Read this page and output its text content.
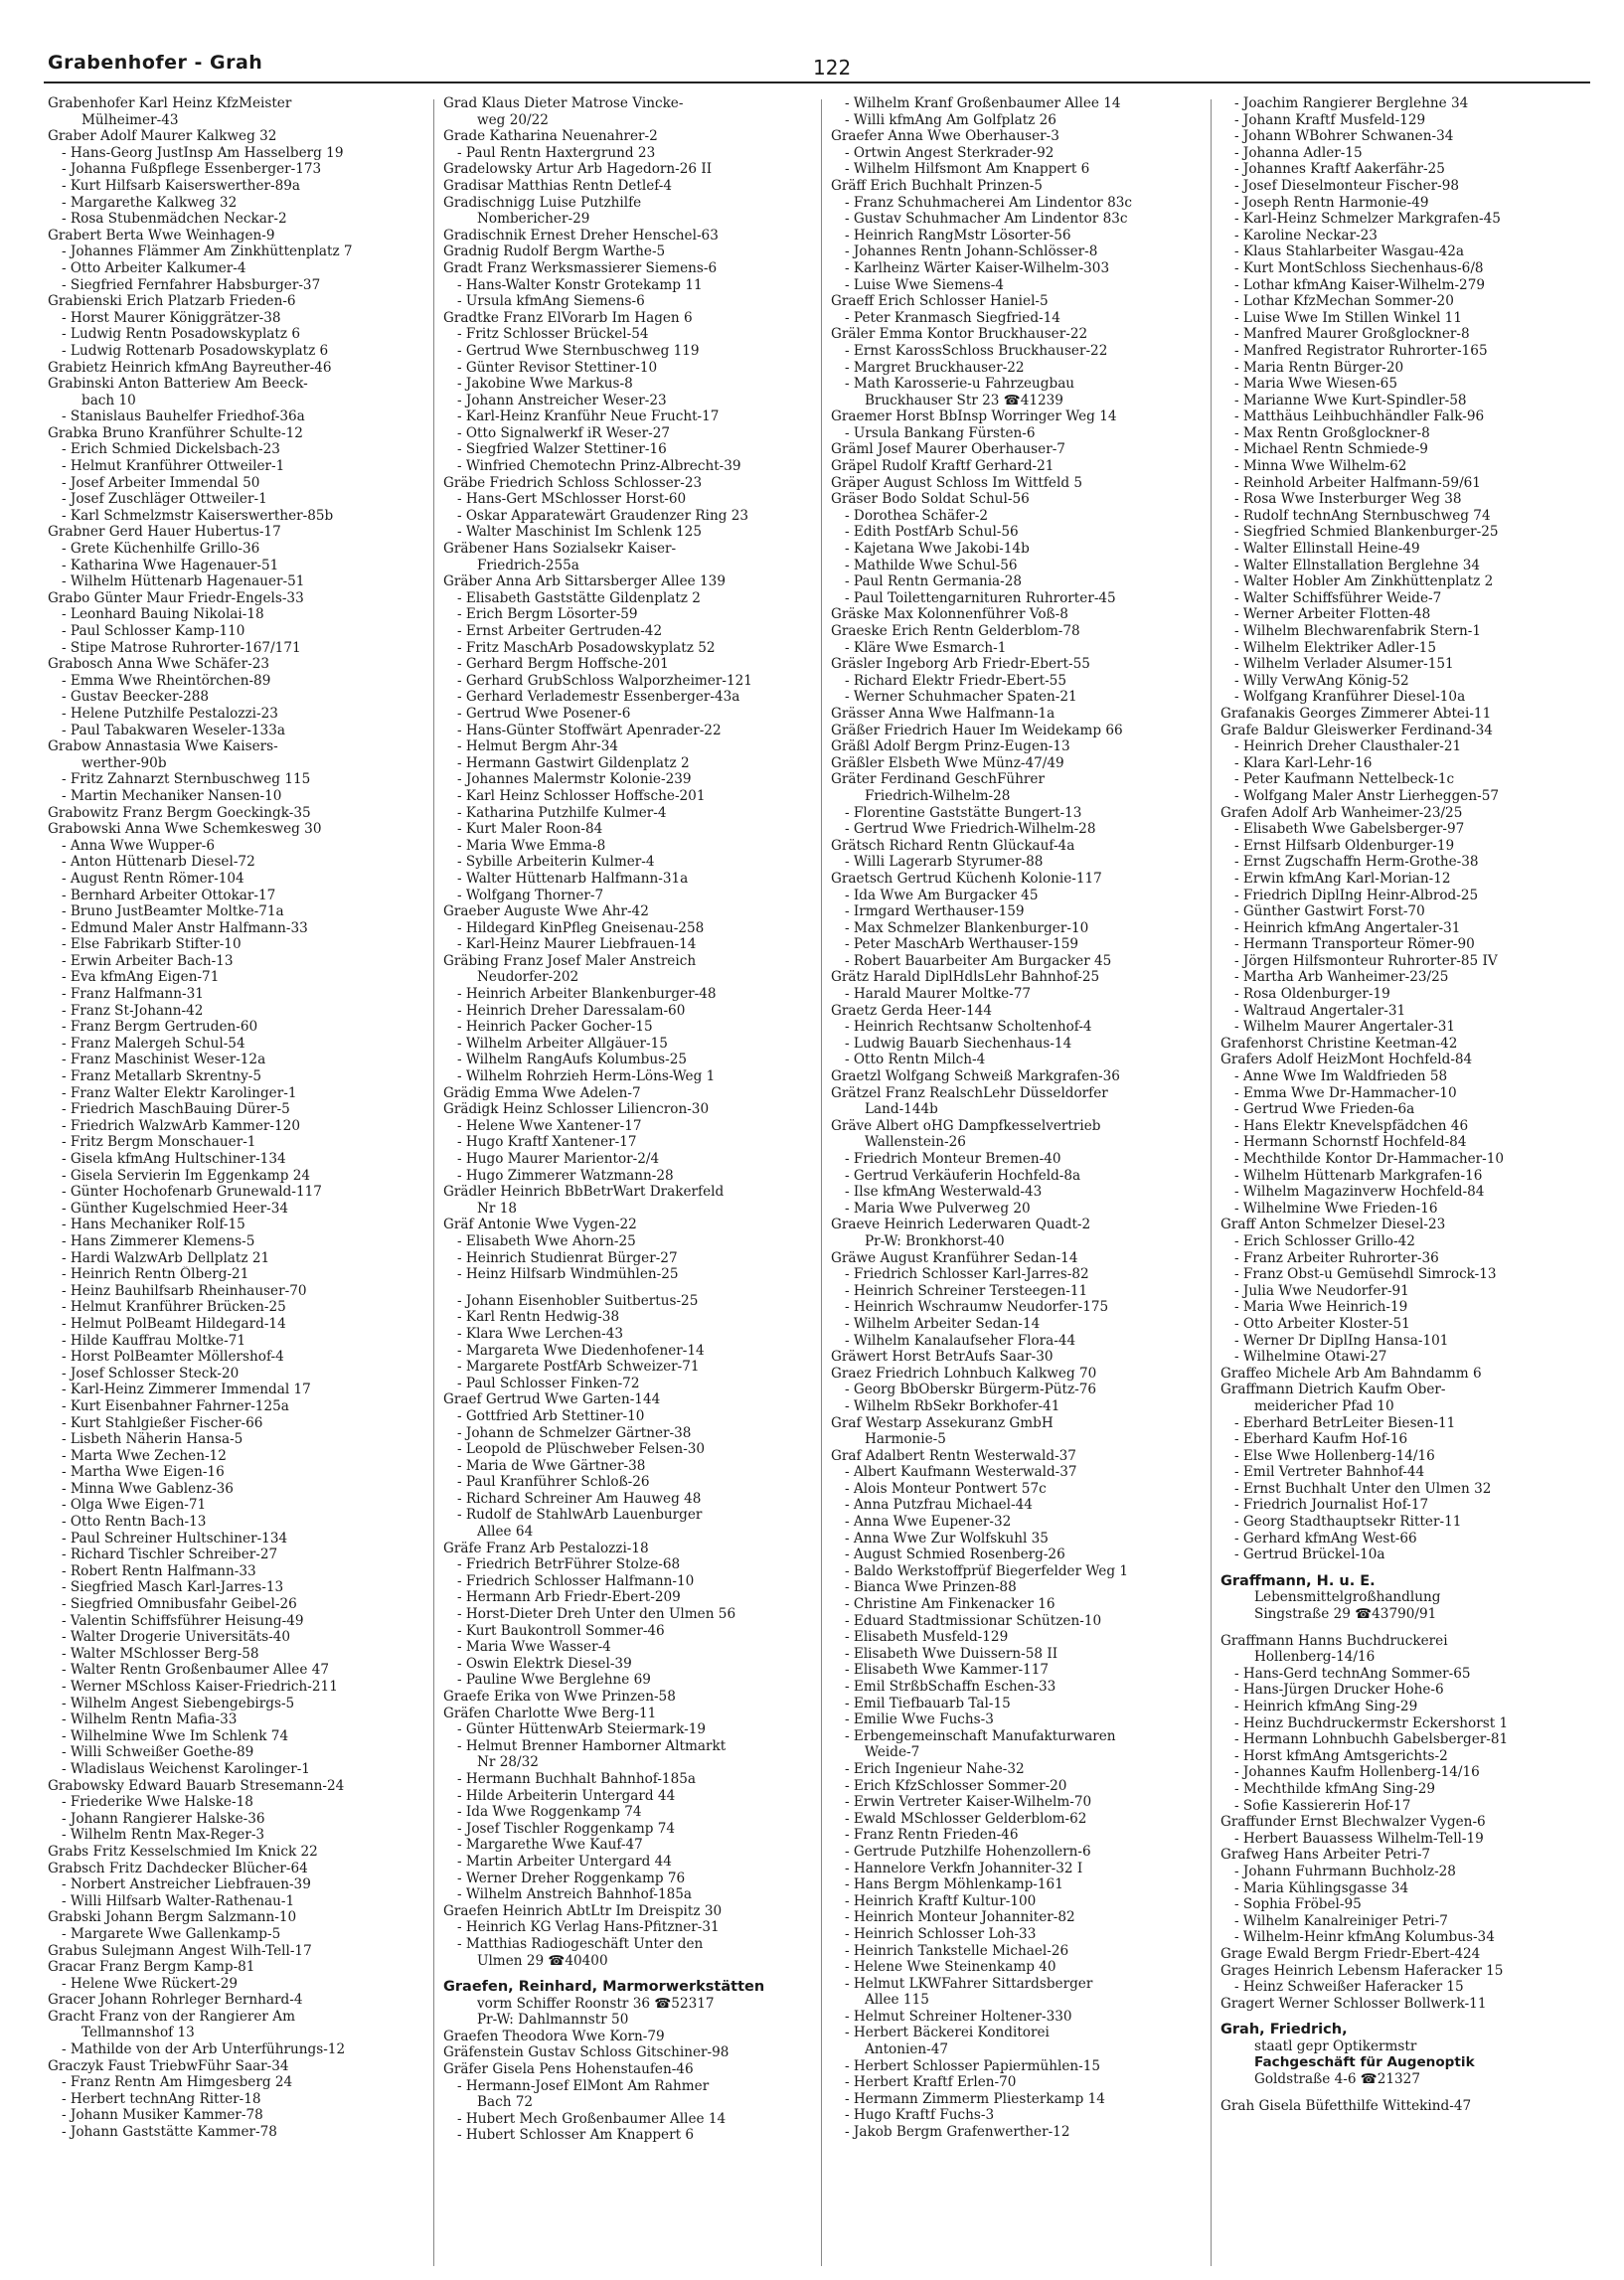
Grabenhofer - Grah	122
Grabenhofer Karl Heinz KfzMeister
Mülheimer-43
Graber Adolf Maurer Kalkweg 32
- Hans-Georg JustInsp Am Hasselberg 19
- Johanna Fußpflege Essenberger-173
- Kurt Hilfsarb Kaiserswerther-89a
- Margarethe Kalkweg 32
- Rosa Stubenmädchen Neckar-2
Grabert Berta Wwe Weinhagen-9
- Johannes Flämmer Am Zinkhüttenplatz 7
- Otto Arbeiter Kalkumer-4
- Siegfried Fernfahrer Habsburger-37
Grabienski Erich Platzarb Frieden-6
- Horst Maurer Königgrätzer-38
- Ludwig Rentn Posadowskyplatz 6
- Ludwig Rottenarb Posadowskyplatz 6
Grabietz Heinrich kfmAng Bayreuther-46
Grabinski Anton Batteriew Am Beeck-
bach 10
- Stanislaus Bauhelfer Friedhof-36a
Grabka Bruno Kranführer Schulte-12
- Erich Schmied Dickelsbach-23
- Helmut Kranführer Ottweiler-1
- Josef Arbeiter Immendal 50
- Josef Zuschläger Ottweiler-1
- Karl Schmelzmstr Kaiserswerther-85b
Grabner Gerd Hauer Hubertus-17
- Grete Küchenhilfe Grillo-36
- Katharina Wwe Hagenauer-51
- Wilhelm Hüttenarb Hagenauer-51
Grabo Günter Maur Friedr-Engels-33
- Leonhard Bauing Nikolai-18
- Paul Schlosser Kamp-110
- Stipe Matrose Ruhrorter-167/171
Grabosch Anna Wwe Schäfer-23
- Emma Wwe Rheintörchen-89
- Gustav Beecker-288
- Helene Putzhilfe Pestalozzi-23
- Paul Tabakwaren Weseler-133a
Grabow Annastasia Wwe Kaisers-
werther-90b
- Fritz Zahnarzt Sternbuschweg 115
- Martin Mechaniker Nansen-10
Grabowitz Franz Bergm Goeckingk-35
Grabowski Anna Wwe Schemkesweg 30
- Anna Wwe Wupper-6
- Anton Hüttenarb Diesel-72
- August Rentn Römer-104
- Bernhard Arbeiter Ottokar-17
- Bruno JustBeamter Moltke-71a
- Edmund Maler Anstr Halfmann-33
- Else Fabrikarb Stifter-10
- Erwin Arbeiter Bach-13
- Eva kfmAng Eigen-71
- Franz Halfmann-31
- Franz St-Johann-42
- Franz Bergm Gertruden-60
- Franz Malergeh Schul-54
- Franz Maschinist Weser-12a
- Franz Metallarb Skrentny-5
- Franz Walter Elektr Karolinger-1
- Friedrich MaschBauing Dürer-5
- Friedrich WalzwArb Kammer-120
- Fritz Bergm Monschauer-1
- Gisela kfmAng Hultschiner-134
- Gisela Servierin Im Eggenkamp 24
- Günter Hochofenarb Grunewald-117
- Günther Kugelschmied Heer-34
- Hans Mechaniker Rolf-15
- Hans Zimmerer Klemens-5
- Hardi WalzwArb Dellplatz 21
- Heinrich Rentn Ölberg-21
- Heinz Bauhilfsarb Rheinhauser-70
- Helmut Kranführer Brücken-25
- Helmut PolBeamt Hildegard-14
- Hilde Kauffrau Moltke-71
- Horst PolBeamter Möllershof-4
- Josef Schlosser Steck-20
- Karl-Heinz Zimmerer Immendal 17
- Kurt Eisenbahner Fahrner-125a
- Kurt Stahlgießer Fischer-66
- Lisbeth Näherin Hansa-5
- Marta Wwe Zechen-12
- Martha Wwe Eigen-16
- Minna Wwe Gablenz-36
- Olga Wwe Eigen-71
- Otto Rentn Bach-13
- Paul Schreiner Hultschiner-134
- Richard Tischler Schreiber-27
- Robert Rentn Halfmann-33
- Siegfried Masch Karl-Jarres-13
- Siegfried Omnibusfahr Geibel-26
- Valentin Schiffsführer Heisung-49
- Walter Drogerie Universitäts-40
- Walter MSchlosser Berg-58
- Walter Rentn Großenbaumer Allee 47
- Werner MSchloss Kaiser-Friedrich-211
- Wilhelm Angest Siebengebirgs-5
- Wilhelm Rentn Mafia-33
- Wilhelmine Wwe Im Schlenk 74
- Willi Schweißer Goethe-89
- Wladislaus Weichenst Karolinger-1
Grabowsky Edward Bauarb Stresemann-24
- Friederike Wwe Halske-18
- Johann Rangierer Halske-36
- Wilhelm Rentn Max-Reger-3
Grabs Fritz Kesselschmied Im Knick 22
Grabsch Fritz Dachdecker Blücher-64
- Norbert Anstreicher Liebfrauen-39
- Willi Hilfsarb Walter-Rathenau-1
Grabski Johann Bergm Salzmann-10
- Margarete Wwe Gallenkamp-5
Grabus Sulejmann Angest Wilh-Tell-17
Gracar Franz Bergm Kamp-81
- Helene Wwe Rückert-29
Gracer Johann Rohrleger Bernhard-4
Gracht Franz von der Rangierer Am
Tellmannshof 13
- Mathilde von der Arb Unterführungs-12
Graczyk Faust TriebwFühr Saar-34
- Franz Rentn Am Himgesberg 24
- Herbert technAng Ritter-18
- Johann Musiker Kammer-78
- Johann Gaststätte Kammer-78
Grad Klaus Dieter Matrose Vincke-
weg 20/22
Grade Katharina Neuenahrer-2
- Paul Rentn Haxtergrund 23
Gradelowsky Artur Arb Hagedorn-26 II
Gradisar Matthias Rentn Detlef-4
Gradischnigg Luise Putzhilfe
Nombericher-29
Gradischnik Ernest Dreher Henschel-63
Gradnig Rudolf Bergm Warthe-5
Gradt Franz Werksmassierer Siemens-6
- Hans-Walter Konstr Grotekamp 11
- Ursula kfmAng Siemens-6
Gradtke Franz ElVorarb Im Hagen 6
- Fritz Schlosser Brückel-54
- Gertrud Wwe Sternbuschweg 119
- Günter Revisor Stettiner-10
- Jakobine Wwe Markus-8
- Johann Anstreicher Weser-23
- Karl-Heinz Kranführ Neue Frucht-17
- Otto Signalwerkf iR Weser-27
- Siegfried Walzer Stettiner-16
- Winfried Chemotechn Prinz-Albrecht-39
Gräbe Friedrich Schloss Schlosser-23
- Hans-Gert MSchlosser Horst-60
- Oskar Apparatewärt Graudenzer Ring 23
- Walter Maschinist Im Schlenk 125
Gräbener Hans Sozialsekr Kaiser-
Friedrich-255a
Gräber Anna Arb Sittarsberger Allee 139
- Elisabeth Gaststätte Gildenplatz 2
- Erich Bergm Lösorter-59
- Ernst Arbeiter Gertruden-42
- Fritz MaschArb Posadowskyplatz 52
- Gerhard Bergm Hoffsche-201
- Gerhard GrubSchloss Walporzheimer-121
- Gerhard Verlademestr Essenberger-43a
- Gertrud Wwe Posener-6
- Hans-Günter Stoffwärt Apenrader-22
- Helmut Bergm Ahr-34
- Hermann Gastwirt Gildenplatz 2
- Johannes Malermstr Kolonie-239
- Karl Heinz Schlosser Hoffsche-201
- Katharina Putzhilfe Kulmer-4
- Kurt Maler Roon-84
- Maria Wwe Emma-8
- Sybille Arbeiterin Kulmer-4
- Walter Hüttenarb Halfmann-31a
- Wolfgang Thorner-7
Graeber Auguste Wwe Ahr-42
- Hildegard KinPfleg Gneisenau-258
- Karl-Heinz Maurer Liebfrauen-14
Gräbing Franz Josef Maler Anstreich
Neudorfer-202
- Heinrich Arbeiter Blankenburger-48
- Heinrich Dreher Daressalam-60
- Heinrich Packer Gocher-15
- Wilhelm Arbeiter Allgäuer-15
- Wilhelm RangAufs Kolumbus-25
- Wilhelm Rohrzieh Herm-Löns-Weg 1
Grädig Emma Wwe Adelen-7
Grädigk Heinz Schlosser Liliencron-30
- Helene Wwe Xantener-17
- Hugo Kraftf Xantener-17
- Hugo Maurer Marientor-2/4
- Hugo Zimmerer Watzmann-28
Grädler Heinrich BbBetrWart Drakerfeld
Nr 18
Gräf Antonie Wwe Vygen-22
- Elisabeth Wwe Ahorn-25
- Heinrich Studienrat Bürger-27
- Heinz Hilfsarb Windmühlen-25
- Johann Eisenhobler Suitbertus-25
- Karl Rentn Hedwig-38
- Klara Wwe Lerchen-43
- Margareta Wwe Diedenhofener-14
- Margarete PostfArb Schweizer-71
- Paul Schlosser Finken-72
Graef Gertrud Wwe Garten-144
- Gottfried Arb Stettiner-10
- Johann de Schmelzer Gärtner-38
- Leopold de Plüschweber Felsen-30
- Maria de Wwe Gärtner-38
- Paul Kranführer Schloß-26
- Richard Schreiner Am Hauweg 48
- Rudolf de StahlwArb Lauenburger
Allee 64
Gräfe Franz Arb Pestalozzi-18
- Friedrich BetrFührer Stolze-68
- Friedrich Schlosser Halfmann-10
- Hermann Arb Friedr-Ebert-209
- Horst-Dieter Dreh Unter den Ulmen 56
- Kurt Baukontroll Sommer-46
- Maria Wwe Wasser-4
- Oswin Elektrk Diesel-39
- Pauline Wwe Berglehne 69
Graefe Erika von Wwe Prinzen-58
Gräfen Charlotte Wwe Berg-11
- Günter HüttenwArb Steiermark-19
- Helmut Brenner Hamborner Altmarkt
Nr 28/32
- Hermann Buchhalt Bahnhof-185a
- Hilde Arbeiterin Untergard 44
- Ida Wwe Roggenkamp 74
- Josef Tischler Roggenkamp 74
- Margarethe Wwe Kauf-47
- Martin Arbeiter Untergard 44
- Werner Dreher Roggenkamp 76
- Wilhelm Anstreich Bahnhof-185a
Graefen Heinrich AbtLtr Im Dreispitz 30
- Heinrich KG Verlag Hans-Pfitzner-31
- Matthias Radiogeschäft Unter den
Ulmen 29 ☎40400
Graefen, Reinhard, Marmorwerkstätten
vorm Schiffer Roonstr 36 ☎52317
Pr-W: Dahlmannstr 50
Graefen Theodora Wwe Korn-79
Gräfenstein Gustav Schloss Gitschiner-98
Gräfer Gisela Pens Hohenstaufen-46
- Hermann-Josef ElMont Am Rahmer
Bach 72
- Hubert Mech Großenbaumer Allee 14
- Hubert Schlosser Am Knappert 6
- Wilhelm Kranf Großenbaumer Allee 14
- Willi kfmAng Am Golfplatz 26
Graefer Anna Wwe Oberhauser-3
- Ortwin Angest Sterkrader-92
- Wilhelm Hilfsmont Am Knappert 6
Gräff Erich Buchhalt Prinzen-5
- Franz Schuhmacherei Am Lindentor 83c
- Gustav Schuhmacher Am Lindentor 83c
- Heinrich RangMstr Lösorter-56
- Johannes Rentn Johann-Schlösser-8
- Karlheinz Wärter Kaiser-Wilhelm-303
- Luise Wwe Siemens-4
Graeff Erich Schlosser Haniel-5
- Peter Kranmasch Siegfried-14
Gräler Emma Kontor Bruckhauser-22
- Ernst KarossSchloss Bruckhauser-22
- Margret Bruckhauser-22
- Math Karosserie-u Fahrzeugbau
Bruckhauser Str 23 ☎41239
Graemer Horst BbInsp Worringer Weg 14
- Ursula Bankang Fürsten-6
Gräml Josef Maurer Oberhauser-7
Gräpel Rudolf Kraftf Gerhard-21
Gräper August Schloss Im Wittfeld 5
Gräser Bodo Soldat Schul-56
- Dorothea Schäfer-2
- Edith PostfArb Schul-56
- Kajetana Wwe Jakobi-14b
- Mathilde Wwe Schul-56
- Paul Rentn Germania-28
- Paul Toilettengarnituren Ruhrorter-45
Gräske Max Kolonnenführer Voß-8
Graeske Erich Rentn Gelderblom-78
- Kläre Wwe Esmarch-1
Gräsler Ingeborg Arb Friedr-Ebert-55
- Richard Elektr Friedr-Ebert-55
- Werner Schuhmacher Spaten-21
Grässer Anna Wwe Halfmann-1a
Gräßer Friedrich Hauer Im Weidekamp 66
Gräßl Adolf Bergm Prinz-Eugen-13
Gräßler Elsbeth Wwe Münz-47/49
Gräter Ferdinand GeschFührer
Friedrich-Wilhelm-28
- Florentine Gaststätte Bungert-13
- Gertrud Wwe Friedrich-Wilhelm-28
Grätsch Richard Rentn Glückauf-4a
- Willi Lagerarb Styrumer-88
Graetsch Gertrud Küchenh Kolonie-117
- Ida Wwe Am Burgacker 45
- Irmgard Werthauser-159
- Max Schmelzer Blankenburger-10
- Peter MaschArb Werthauser-159
- Robert Bauarbeiter Am Burgacker 45
Grätz Harald DiplHdlsLehr Bahnhof-25
- Harald Maurer Moltke-77
Graetz Gerda Heer-144
- Heinrich Rechtsanw Scholtenhof-4
- Ludwig Bauarb Siechenhaus-14
- Otto Rentn Milch-4
Graetzl Wolfgang Schweiß Markgrafen-36
Grätzel Franz RealschLehr Düsseldorfer
Land-144b
Gräve Albert oHG Dampfkesselvertrieb
Wallenstein-26
- Friedrich Monteur Bremen-40
- Gertrud Verkäuferin Hochfeld-8a
- Ilse kfmAng Westerwald-43
- Maria Wwe Pulverweg 20
Graeve Heinrich Lederwaren Quadt-2
Pr-W: Bronkhorst-40
Gräwe August Kranführer Sedan-14
- Friedrich Schlosser Karl-Jarres-82
- Heinrich Schreiner Tersteegen-11
- Heinrich Wschraumw Neudorfer-175
- Wilhelm Arbeiter Sedan-14
- Wilhelm Kanalaufseher Flora-44
Gräwert Horst BetrAufs Saar-30
Graez Friedrich Lohnbuch Kalkweg 70
- Georg BbOberskr Bürgerm-Pütz-76
- Wilhelm RbSekr Borkhofer-41
Graf Westarp Assekuranz GmbH
Harmonie-5
Graf Adalbert Rentn Westerwald-37
- Albert Kaufmann Westerwald-37
- Alois Monteur Pontwert 57c
- Anna Putzfrau Michael-44
- Anna Wwe Eupener-32
- Anna Wwe Zur Wolfskuhl 35
- August Schmied Rosenberg-26
- Baldo Werkstoffprüf Biegerfelder Weg 1
- Bianca Wwe Prinzen-88
- Christine Am Finkenacker 16
- Eduard Stadtmissionar Schützen-10
- Elisabeth Musfeld-129
- Elisabeth Wwe Duissern-58 II
- Elisabeth Wwe Kammer-117
- Emil StrßbSchaffn Eschen-33
- Emil Tiefbauarb Tal-15
- Emilie Wwe Fuchs-3
- Erbengemeinschaft Manufakturwaren
Weide-7
- Erich Ingenieur Nahe-32
- Erich KfzSchlosser Sommer-20
- Erwin Vertreter Kaiser-Wilhelm-70
- Ewald MSchlosser Gelderblom-62
- Franz Rentn Frieden-46
- Gertrude Putzhilfe Hohenzollern-6
- Hannelore Verkfn Johanniter-32 I
- Hans Bergm Möhlenkamp-161
- Heinrich Kraftf Kultur-100
- Heinrich Monteur Johanniter-82
- Heinrich Schlosser Loh-33
- Heinrich Tankstelle Michael-26
- Helene Wwe Steinenkamp 40
- Helmut LKWFahrer Sittardsberger
Allee 115
- Helmut Schreiner Holtener-330
- Herbert Bäckerei Konditorei
Antonien-47
- Herbert Schlosser Papiermühlen-15
- Herbert Kraftf Erlen-70
- Hermann Zimmerm Pliesterkamp 14
- Hugo Kraftf Fuchs-3
- Jakob Bergm Grafenwerther-12
- Joachim Rangierer Berglehne 34
- Johann Kraftf Musfeld-129
- Johann WBohrer Schwanen-34
- Johanna Adler-15
- Johannes Kraftf Aakerfähr-25
- Josef Dieselmonteur Fischer-98
- Joseph Rentn Harmonie-49
- Karl-Heinz Schmelzer Markgrafen-45
- Karoline Neckar-23
- Klaus Stahlarbeiter Wasgau-42a
- Kurt MontSchloss Siechenhaus-6/8
- Lothar kfmAng Kaiser-Wilhelm-279
- Lothar KfzMechan Sommer-20
- Luise Wwe Im Stillen Winkel 11
- Manfred Maurer Großglockner-8
- Manfred Registrator Ruhrorter-165
- Maria Rentn Bürger-20
- Maria Wwe Wiesen-65
- Marianne Wwe Kurt-Spindler-58
- Matthäus Leihbuchhändler Falk-96
- Max Rentn Großglockner-8
- Michael Rentn Schmiede-9
- Minna Wwe Wilhelm-62
- Reinhold Arbeiter Halfmann-59/61
- Rosa Wwe Insterburger Weg 38
- Rudolf technAng Sternbuschweg 74
- Siegfried Schmied Blankenburger-25
- Walter Ellinstall Heine-49
- Walter Ellnstallation Berglehne 34
- Walter Hobler Am Zinkhüttenplatz 2
- Walter Schiffsführer Weide-7
- Werner Arbeiter Flotten-48
- Wilhelm Blechwarenfabrik Stern-1
- Wilhelm Elektriker Adler-15
- Wilhelm Verlader Alsumer-151
- Willy VerwAng König-52
- Wolfgang Kranführer Diesel-10a
Grafanakis Georges Zimmerer Abtei-11
Grafe Baldur Gleiswerker Ferdinand-34
- Heinrich Dreher Clausthaler-21
- Klara Karl-Lehr-16
- Peter Kaufmann Nettelbeck-1c
- Wolfgang Maler Anstr Lierheggen-57
Grafen Adolf Arb Wanheimer-23/25
- Elisabeth Wwe Gabelsberger-97
- Ernst Hilfsarb Oldenburger-19
- Ernst Zugschaffn Herm-Grothe-38
- Erwin kfmAng Karl-Morian-12
- Friedrich DiplIng Heinr-Albrod-25
- Günther Gastwirt Forst-70
- Heinrich kfmAng Angertaler-31
- Hermann Transporteur Römer-90
- Jörgen Hilfsmonteur Ruhrorter-85 IV
- Martha Arb Wanheimer-23/25
- Rosa Oldenburger-19
- Waltraud Angertaler-31
- Wilhelm Maurer Angertaler-31
Grafenhorst Christine Keetman-42
Grafers Adolf HeizMont Hochfeld-84
- Anne Wwe Im Waldfrieden 58
- Emma Wwe Dr-Hammacher-10
- Gertrud Wwe Frieden-6a
- Hans Elektr Knevelspfädchen 46
- Hermann Schornstf Hochfeld-84
- Mechthilde Kontor Dr-Hammacher-10
- Wilhelm Hüttenarb Markgrafen-16
- Wilhelm Magazinverw Hochfeld-84
- Wilhelmine Wwe Frieden-16
Graff Anton Schmelzer Diesel-23
- Erich Schlosser Grillo-42
- Franz Arbeiter Ruhrorter-36
- Franz Obst-u Gemüsehdl Simrock-13
- Julia Wwe Neudorfer-91
- Maria Wwe Heinrich-19
- Otto Arbeiter Kloster-51
- Werner Dr DiplIng Hansa-101
- Wilhelmine Otawi-27
Graffeo Michele Arb Am Bahndamm 6
Graffmann Dietrich Kaufm Ober-
meidericher Pfad 10
- Eberhard BetrLeiter Biesen-11
- Eberhard Kaufm Hof-16
- Else Wwe Hollenberg-14/16
- Emil Vertreter Bahnhof-44
- Ernst Buchhalt Unter den Ulmen 32
- Friedrich Journalist Hof-17
- Georg Stadthauptsekr Ritter-11
- Gerhard kfmAng West-66
- Gertrud Brückel-10a
Graffmann, H. u. E.
Lebensmittelgroßhandlung
Singstraße 29 ☎43790/91
Graffmann Hanns Buchdruckerei
Hollenberg-14/16
- Hans-Gerd technAng Sommer-65
- Hans-Jürgen Drucker Hohe-6
- Heinrich kfmAng Sing-29
- Heinz Buchdruckermstr Eckershorst 1
- Hermann Lohnbuchh Gabelsberger-81
- Horst kfmAng Amtsgerichts-2
- Johannes Kaufm Hollenberg-14/16
- Mechthilde kfmAng Sing-29
- Sofie Kassiererin Hof-17
Graffunder Ernst Blechwalzer Vygen-6
- Herbert Bauassess Wilhelm-Tell-19
Grafweg Hans Arbeiter Petri-7
- Johann Fuhrmann Buchholz-28
- Maria Kühlingsgasse 34
- Sophia Fröbel-95
- Wilhelm Kanalreiniger Petri-7
- Wilhelm-Heinr kfmAng Kolumbus-34
Grage Ewald Bergm Friedr-Ebert-424
Grages Heinrich Lebensm Haferacker 15
- Heinz Schweißer Haferacker 15
Gragert Werner Schlosser Bollwerk-11
Grah, Friedrich,
staatl gepr Optikermstr
Fachgeschäft für Augenoptik
Goldstraße 4-6 ☎21327
Grah Gisela Büfetthilfe Wittekind-47
